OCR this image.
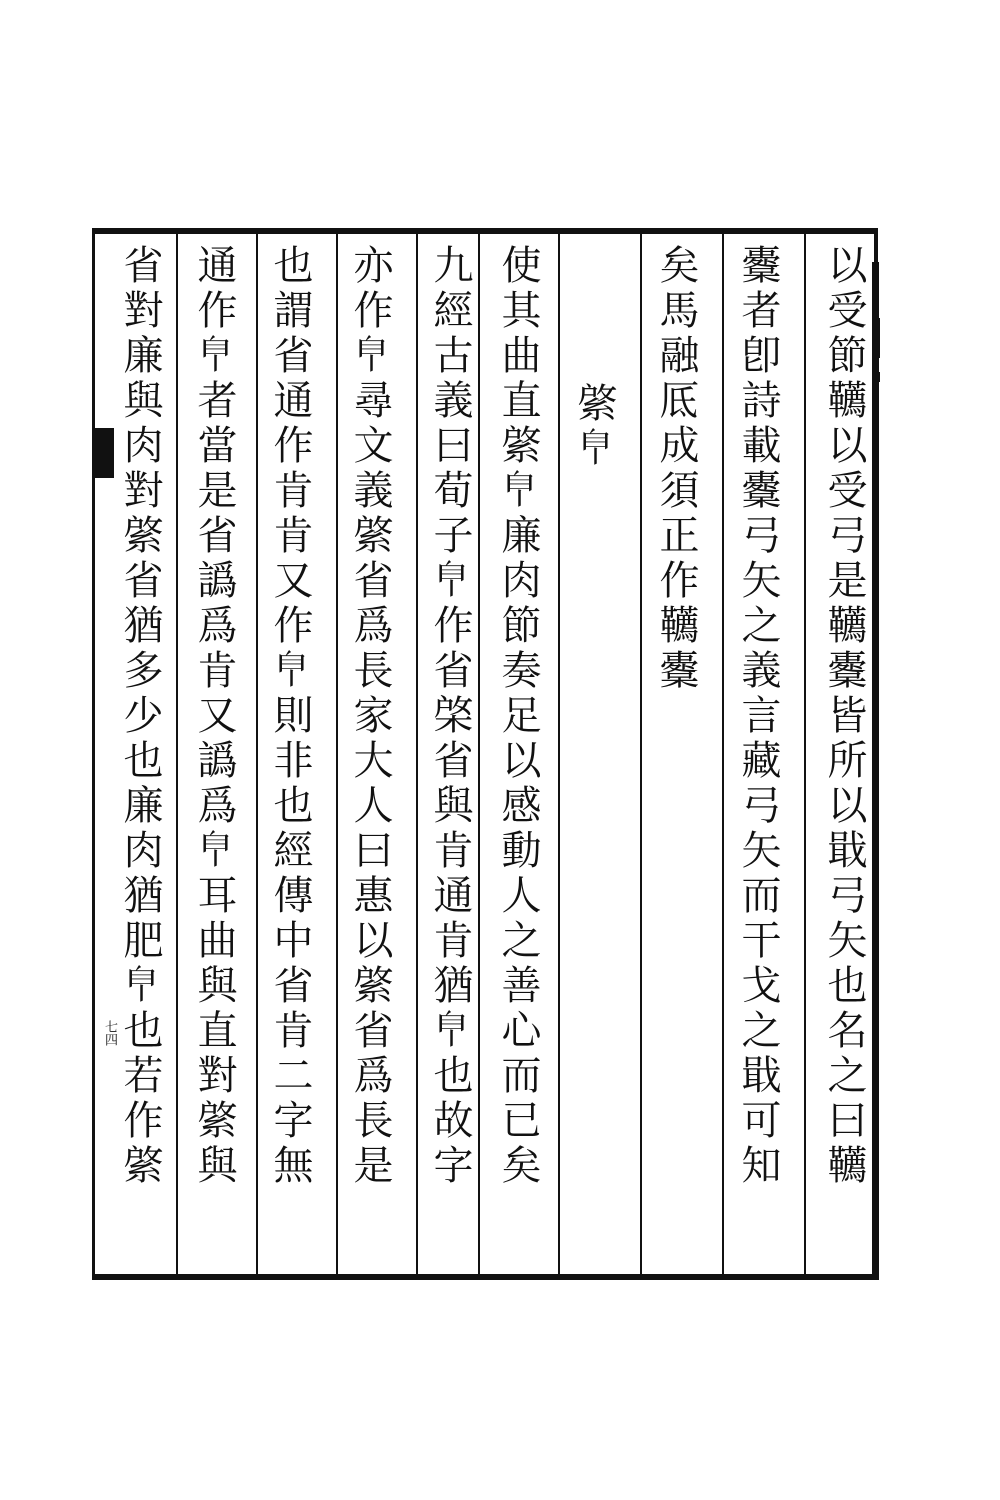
以受節韉以受弓是韉櫜皆所以戢弓矢也名之曰韉
櫜者卽詩載櫜弓矢之義言藏弓矢而干戈之戢可知
矣馬融厎成須正作韉櫜
綮𦣺
使其曲直綮𦣺廉肉節奏足以感動人之善心而已矣
九經古義曰荀子𦣺作省棨省與肯通肯猶𦣺也故字
亦作𦣺尋文義綮省爲長家大人曰惠以綮省爲長是
也謂省通作肯肯又作𦣺則非也經傳中省肯二字無
通作𦣺者當是省譌爲肯又譌爲𦣺耳曲與直對綮與
省對廉與肉對綮省猶多少也廉肉猶肥𦣺也若作綮
七四
